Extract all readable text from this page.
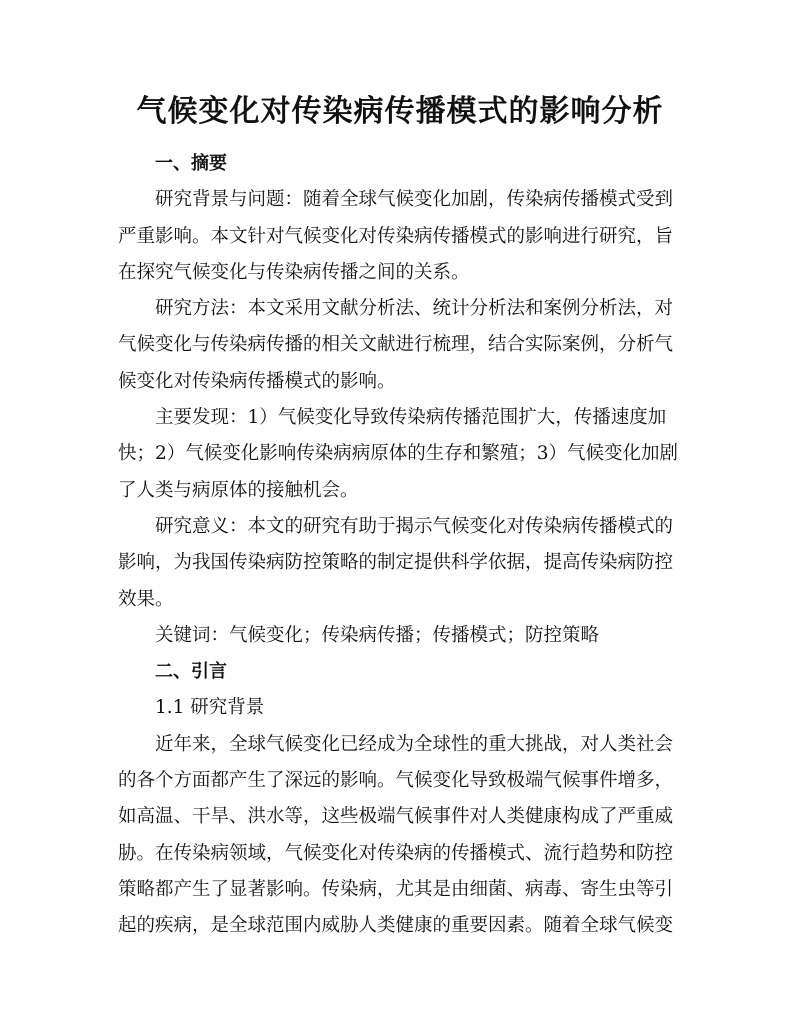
气候变化对传染病传播模式的影响分析

一、摘要

研究背景与问题：随着全球气候变化加剧，传染病传播模式受到严重影响。本文针对气候变化对传染病传播模式的影响进行研究，旨在探究气候变化与传染病传播之间的关系。

研究方法：本文采用文献分析法、统计分析法和案例分析法，对气候变化与传染病传播的相关文献进行梳理，结合实际案例，分析气候变化对传染病传播模式的影响。

主要发现：1）气候变化导致传染病传播范围扩大，传播速度加快；2）气候变化影响传染病病原体的生存和繁殖；3）气候变化加剧了人类与病原体的接触机会。

研究意义：本文的研究有助于揭示气候变化对传染病传播模式的影响，为我国传染病防控策略的制定提供科学依据，提高传染病防控效果。

关键词：气候变化；传染病传播；传播模式；防控策略

二、引言

1.1 研究背景

近年来，全球气候变化已经成为全球性的重大挑战，对人类社会的各个方面都产生了深远的影响。气候变化导致极端气候事件增多，如高温、干旱、洪水等，这些极端气候事件对人类健康构成了严重威胁。在传染病领域，气候变化对传染病的传播模式、流行趋势和防控策略都产生了显著影响。传染病，尤其是由细菌、病毒、寄生虫等引起的疾病，是全球范围内威胁人类健康的重要因素。随着全球气候变
